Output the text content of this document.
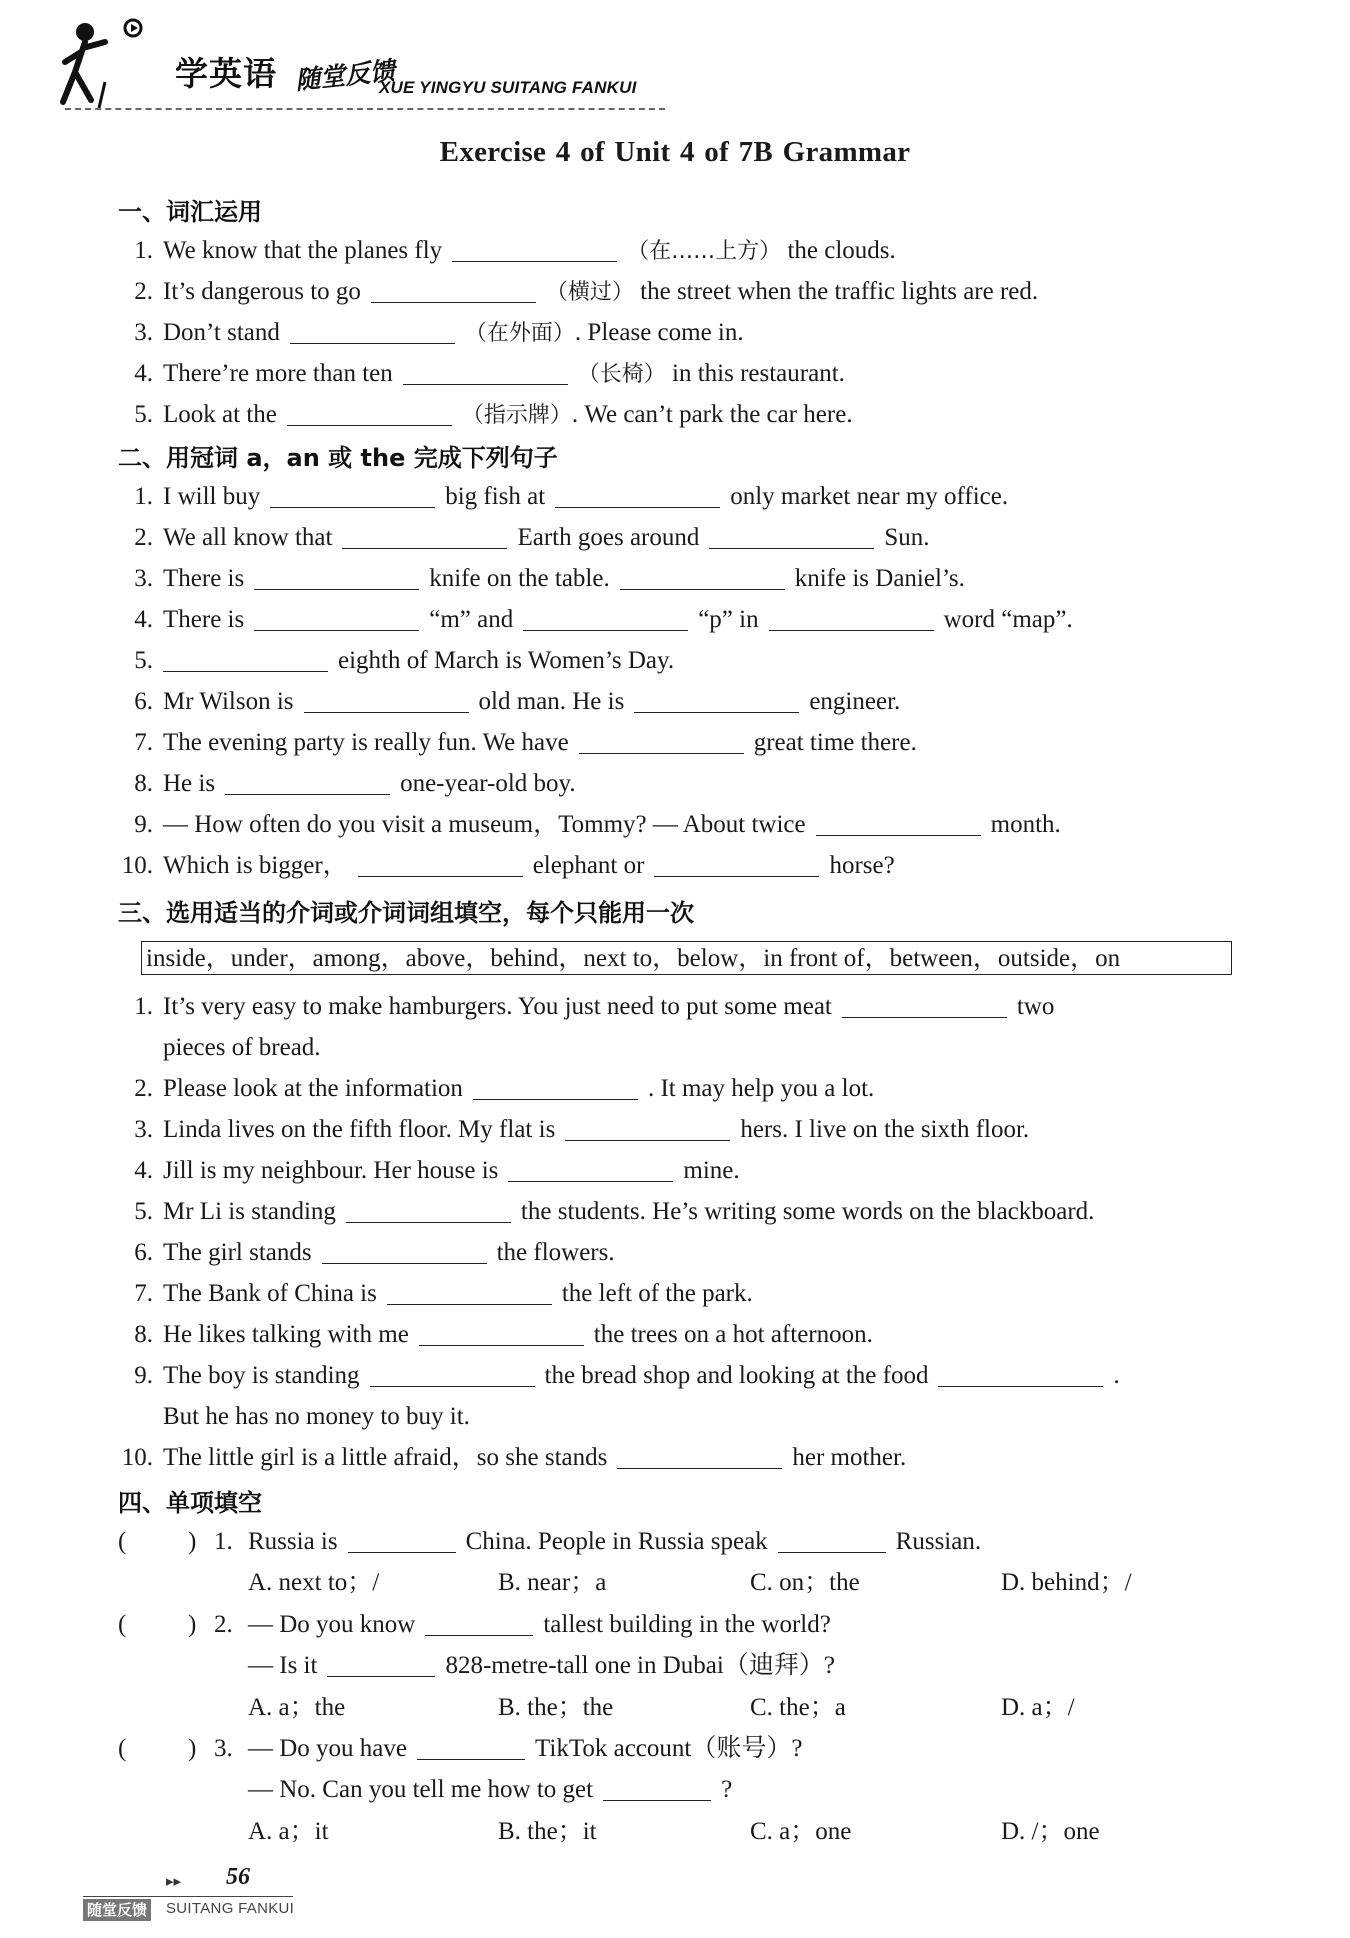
学英语 随堂反馈
XUE YINGYU SUITANG FANKUI
Exercise 4 of Unit 4 of 7B Grammar
一、词汇运用
1. We know that the planes fly	（在……上方） the clouds.
2. It’s dangerous to go	（横过） the street when the traffic lights are red.
3. Don’t stand	（在外面）. Please come in.
4. There’re more than ten	（长椅） in this restaurant.
5. Look at the	（指示牌）. We can’t park the car here.
二、用冠词 a，an 或 the 完成下列句子
1. I will buy	big fish at	only market near my office.
2. We all know that	Earth goes around	Sun.
3. There is	knife on the table.	knife is Daniel’s.
4. There is	“m” and	“p” in	word “map”.
5.	eighth of March is Women’s Day.
6. Mr Wilson is	old man. He is	engineer.
7. The evening party is really fun. We have	great time there.
8. He is	one-year-old boy.
9. — How often do you visit a museum，Tommy? — About twice	month.
10. Which is bigger，	elephant or	horse?
三、选用适当的介词或介词词组填空，每个只能用一次
inside，under，among，above，behind，next to，below，in front of，between，outside，on
1. It’s very easy to make hamburgers. You just need to put some meat	two
pieces of bread.
2. Please look at the information	. It may help you a lot.
3. Linda lives on the fifth floor. My flat is	hers. I live on the sixth floor.
4. Jill is my neighbour. Her house is	mine.
5. Mr Li is standing	the students. He’s writing some words on the blackboard.
6. The girl stands	the flowers.
7. The Bank of China is	the left of the park.
8. He likes talking with me	the trees on a hot afternoon.
9. The boy is standing	the bread shop and looking at the food	.
But he has no money to buy it.
10. The little girl is a little afraid，so she stands	her mother.
四、单项填空
( ) 1. Russia is	China. People in Russia speak	Russian.
A. next to；/	B. near；a	C. on；the	D. behind；/
( ) 2. — Do you know	tallest building in the world?
— Is it	828-metre-tall one in Dubai（迪拜）?
A. a；the	B. the；the	C. the；a	D. a；/
( ) 3. — Do you have	TikTok account（账号）?
— No. Can you tell me how to get	?
A. a；it	B. the；it	C. a；one	D. /；one
▸▸ 56
随堂反馈 SUITANG FANKUI
